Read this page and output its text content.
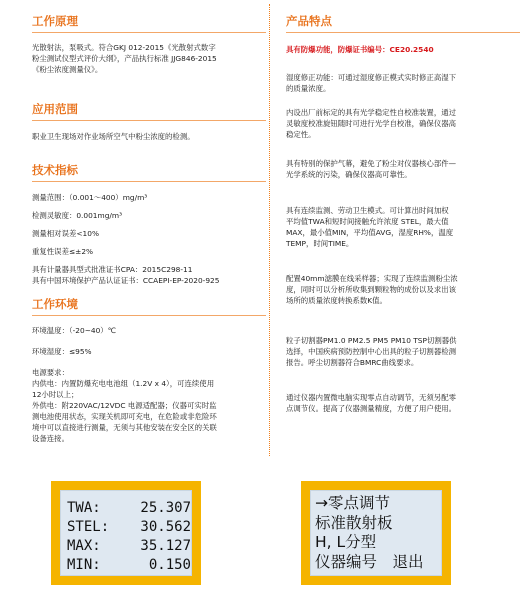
工作原理
光散射法，泵吸式。符合GKJ 012-2015《光散射式数字
粉尘测试仪型式评价大纲》，产品执行标准 JJG846-2015
《粉尘浓度测量仪》。
应用范围
职业卫生现场对作业场所空气中粉尘浓度的检测。
技术指标
测量范围：（0.001～400）mg/m³
检测灵敏度：0.001mg/m³
测量相对误差<10%
重复性误差≤±2%
具有计量器具型式批准证书CPA：2015C298-11
具有中国环境保护产品认证证书：CCAEPI-EP-2020-925
工作环境
环境温度：（-20~40）℃
环境湿度：≤95%
电源要求：
内供电：内置防爆充电电池组（1.2V x 4），可连续使用
12小时以上；
外供电：附220VAC/12VDC 电源适配器；仪器可实时监
测电池使用状态，实现关机即可充电，在危险或非危险环
境中可以直接进行测量，无须与其他安装在安全区的关联
设备连接。
产品特点
具有防爆功能，防爆证书编号：CE20.2540
湿度修正功能：可通过湿度修正模式实时修正高湿下
的质量浓度。
内设出厂前标定的具有光学稳定性自校准装置，通过
灵敏度校准旋钮随时可进行光学自校准，确保仪器高
稳定性。
具有特别的保护气幕，避免了粉尘对仪器核心部件—
光学系统的污染，确保仪器高可靠性。
具有连续监测、劳动卫生模式。可计算出时间加权
平均值TWA和短时间接触允许浓度 STEL，最大值
MAX，最小值MIN，平均值AVG，湿度RH%，温度
TEMP，时间TIME。
配置40mm滤膜在线采样器；实现了连续监测粉尘浓
度，同时可以分析所收集到颗粒物的成份以及求出该
场所的质量浓度转换系数K值。
粒子切割器PM1.0 PM2.5 PM5 PM10 TSP切割器供
选择，中国疾病预防控制中心出具的粒子切割器检测
报告。呼尘切割器符合BMRC曲线要求。
通过仪器内置微电脑实现零点自动调节，无须另配零
点调节仪。提高了仪器测量精度，方便了用户使用。
TWA:	25.307
STEL:	30.562
MAX:	35.127
MIN:	0.150
→零点调节
标准散射板
H, L分型
仪器编号　退出
